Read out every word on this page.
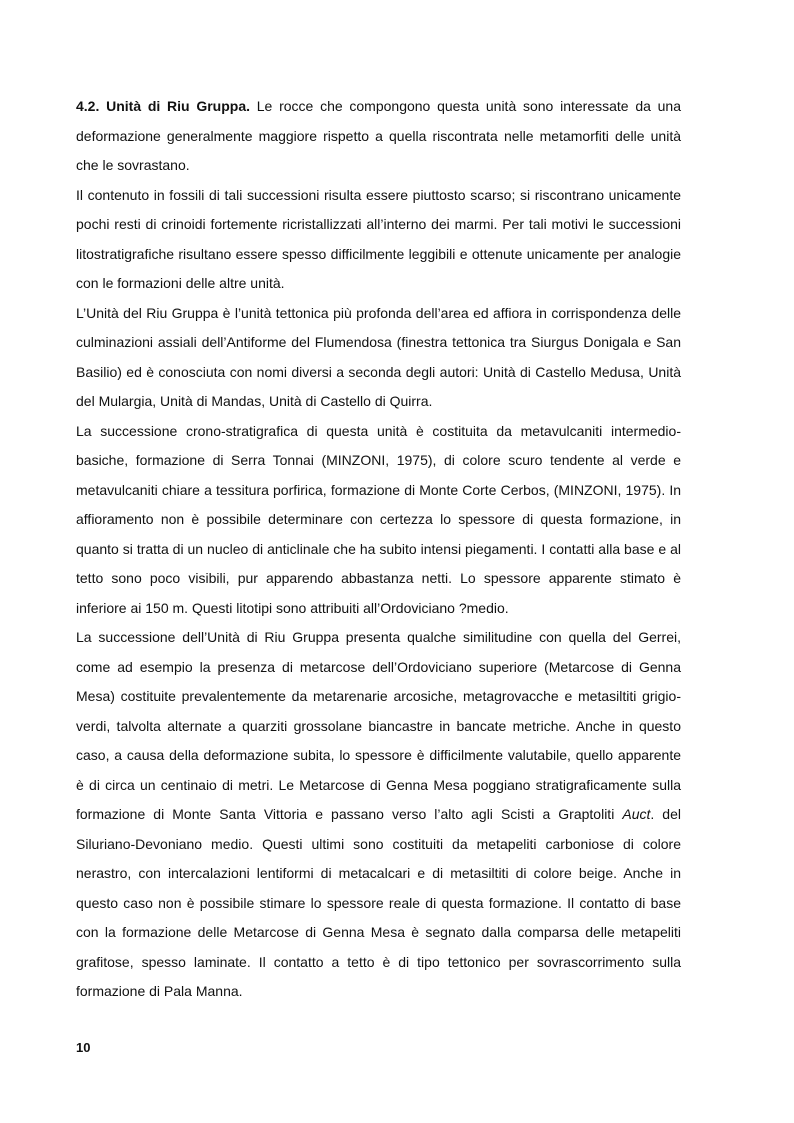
4.2. Unità di Riu Gruppa. Le rocce che compongono questa unità sono interessate da una deformazione generalmente maggiore rispetto a quella riscontrata nelle metamorfiti delle unità che le sovrastano.

Il contenuto in fossili di tali successioni risulta essere piuttosto scarso; si riscontrano unicamente pochi resti di crinoidi fortemente ricristallizzati all’interno dei marmi. Per tali motivi le successioni litostratigrafiche risultano essere spesso difficilmente leggibili e ottenute unicamente per analogie con le formazioni delle altre unità.

L’Unità del Riu Gruppa è l’unità tettonica più profonda dell’area ed affiora in corrispondenza delle culminazioni assiali dell’Antiforme del Flumendosa (finestra tettonica tra Siurgus Donigala e San Basilio) ed è conosciuta con nomi diversi a seconda degli autori: Unità di Castello Medusa, Unità del Mulargia, Unità di Mandas, Unità di Castello di Quirra.

La successione crono-stratigrafica di questa unità è costituita da metavulcaniti intermedio-basiche, formazione di Serra Tonnai (MINZONI, 1975), di colore scuro tendente al verde e metavulcaniti chiare a tessitura porfirica, formazione di Monte Corte Cerbos, (MINZONI, 1975). In affioramento non è possibile determinare con certezza lo spessore di questa formazione, in quanto si tratta di un nucleo di anticlinale che ha subito intensi piegamenti. I contatti alla base e al tetto sono poco visibili, pur apparendo abbastanza netti. Lo spessore apparente stimato è inferiore ai 150 m. Questi litotipi sono attribuiti all’Ordoviciano ?medio.

La successione dell’Unità di Riu Gruppa presenta qualche similitudine con quella del Gerrei, come ad esempio la presenza di metarcose dell’Ordoviciano superiore (Metarcose di Genna Mesa) costituite prevalentemente da metarenarie arcosiche, metagrovacche e metasiltiti grigio-verdi, talvolta alternate a quarziti grossolane biancastre in bancate metriche. Anche in questo caso, a causa della deformazione subita, lo spessore è difficilmente valutabile, quello apparente è di circa un centinaio di metri. Le Metarcose di Genna Mesa poggiano stratigraficamente sulla formazione di Monte Santa Vittoria e passano verso l’alto agli Scisti a Graptoliti Auct. del Siluriano-Devoniano medio. Questi ultimi sono costituiti da metapeliti carboniose di colore nerastro, con intercalazioni lentiformi di metacalcari e di metasiltiti di colore beige. Anche in questo caso non è possibile stimare lo spessore reale di questa formazione. Il contatto di base con la formazione delle Metarcose di Genna Mesa è segnato dalla comparsa delle metapeliti grafitose, spesso laminate. Il contatto a tetto è di tipo tettonico per sovrascorrimento sulla formazione di Pala Manna.

10
